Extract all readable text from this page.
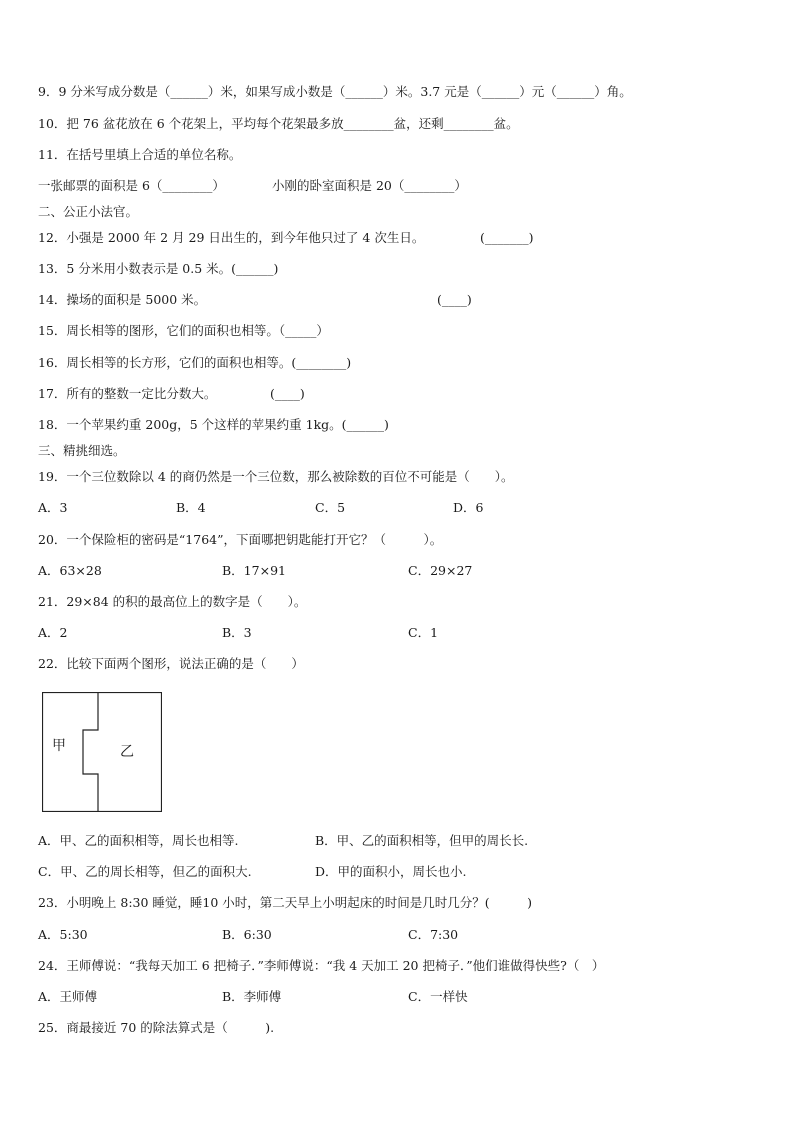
9．9 分米写成分数是（______）米，如果写成小数是（______）米。3.7 元是（______）元（______）角。
10．把 76 盆花放在 6 个花架上，平均每个花架最多放________盆，还剩________盆。
11．在括号里填上合适的单位名称。
一张邮票的面积是 6（________）	小刚的卧室面积是 20（________）
二、公正小法官。
12．小强是 2000 年 2 月 29 日出生的，到今年他只过了 4 次生日。	(_______)
13．5 分米用小数表示是 0.5 米。(______)
14．操场的面积是 5000 米。	(____)
15．周长相等的图形，它们的面积也相等。（_____）
16．周长相等的长方形，它们的面积也相等。(________)
17．所有的整数一定比分数大。	(____)
18．一个苹果约重 200g，5 个这样的苹果约重 1kg。(______)
三、精挑细选。
19．一个三位数除以 4 的商仍然是一个三位数，那么被除数的百位不可能是（　　）。
A．3	B．4	C．5	D．6
20．一个保险柜的密码是“1764”，下面哪把钥匙能打开它？（　　　）。
A．63×28	B．17×91	C．29×27
21．29×84 的积的最高位上的数字是（　　）。
A．2	B．3	C．1
22．比较下面两个图形，说法正确的是（　　）
甲	乙
A．甲、乙的面积相等，周长也相等.	B．甲、乙的面积相等，但甲的周长长.
C．甲、乙的周长相等，但乙的面积大.	D．甲的面积小，周长也小.
23．小明晚上 8:30 睡觉，睡10 小时，第二天早上小明起床的时间是几时几分？(　　　)
A．5:30	B．6:30	C．7:30
24．王师傅说：“我每天加工 6 把椅子．”李师傅说：“我 4 天加工 20 把椅子．”他们谁做得快些?（　）
A．王师傅	B．李师傅	C．一样快
25．商最接近 70 的除法算式是（　　　).
